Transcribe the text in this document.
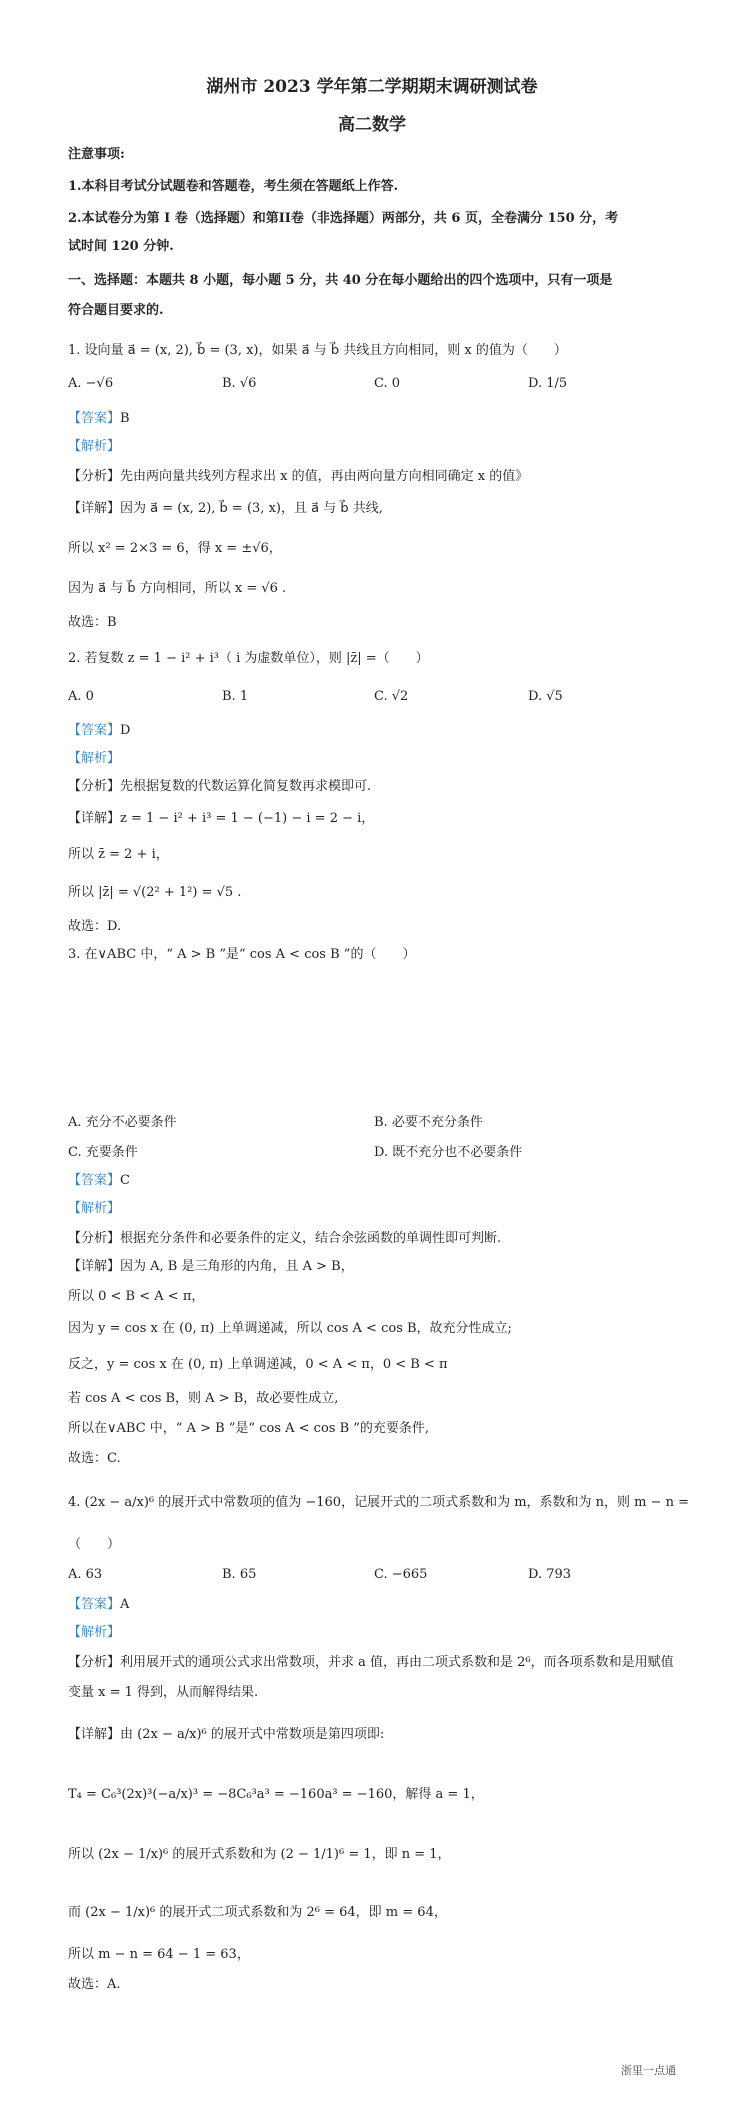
湖州市 2023 学年第二学期期末调研测试卷
高二数学
注意事项:
1.本科目考试分试题卷和答题卷，考生须在答题纸上作答.
2.本试卷分为第 I 卷（选择题）和第II卷（非选择题）两部分，共 6 页，全卷满分 150 分，考
试时间 120 分钟.
一、选择题：本题共 8 小题，每小题 5 分，共 40 分在每小题给出的四个选项中，只有一项是
符合题目要求的.
1. 设向量 a⃗ = (x, 2), b⃗ = (3, x)，如果 a⃗ 与 b⃗ 共线且方向相同，则 x 的值为（　　）
A. −√6	B. √6	C. 0	D. 1/5
【答案】B
【解析】
【分析】先由两向量共线列方程求出 x 的值，再由两向量方向相同确定 x 的值》
【详解】因为 a⃗ = (x, 2), b⃗ = (3, x)，且 a⃗ 与 b⃗ 共线,
所以 x² = 2×3 = 6，得 x = ±√6，
因为 a⃗ 与 b⃗ 方向相同，所以 x = √6 .
故选：B
2. 若复数 z = 1 − i² + i³（ i 为虚数单位），则 |z̄| =（　　）
A. 0	B. 1	C. √2	D. √5
【答案】D
【解析】
【分析】先根据复数的代数运算化简复数再求模即可.
【详解】z = 1 − i² + i³ = 1 − (−1) − i = 2 − i，
所以 z̄ = 2 + i，
所以 |z̄| = √(2² + 1²) = √5 .
故选：D.
3. 在∨ABC 中，“ A > B ”是“ cos A < cos B ”的（　　）
A. 充分不必要条件	B. 必要不充分条件
C. 充要条件	D. 既不充分也不必要条件
【答案】C
【解析】
【分析】根据充分条件和必要条件的定义，结合余弦函数的单调性即可判断.
【详解】因为 A, B 是三角形的内角，且 A > B，
所以 0 < B < A < π，
因为 y = cos x 在 (0, π) 上单调递减，所以 cos A < cos B，故充分性成立;
反之，y = cos x 在 (0, π) 上单调递减，0 < A < π，0 < B < π
若 cos A < cos B，则 A > B，故必要性成立,
所以在∨ABC 中，“ A > B ”是“ cos A < cos B ”的充要条件,
故选：C.
4. (2x − a/x)⁶ 的展开式中常数项的值为 −160，记展开式的二项式系数和为 m，系数和为 n，则 m − n =
（　　）
A. 63	B. 65	C. −665	D. 793
【答案】A
【解析】
【分析】利用展开式的通项公式求出常数项，并求 a 值，再由二项式系数和是 2⁶，而各项系数和是用赋值
变量 x = 1 得到，从而解得结果.
【详解】由 (2x − a/x)⁶ 的展开式中常数项是第四项即:
T₄ = C₆³(2x)³(−a/x)³ = −8C₆³a³ = −160a³ = −160，解得 a = 1，
所以 (2x − 1/x)⁶ 的展开式系数和为 (2 − 1/1)⁶ = 1，即 n = 1，
而 (2x − 1/x)⁶ 的展开式二项式系数和为 2⁶ = 64，即 m = 64，
所以 m − n = 64 − 1 = 63，
故选：A.
浙里一点通
